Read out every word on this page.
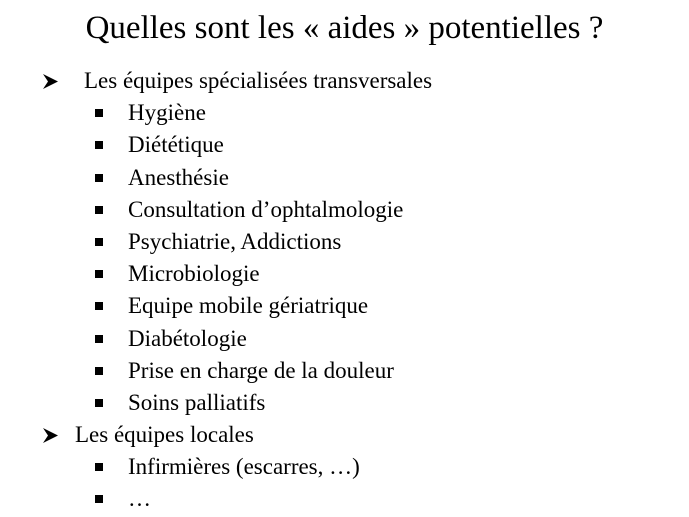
Quelles sont les « aides » potentielles ?
Les équipes spécialisées transversales
Hygiène
Diététique
Anesthésie
Consultation d’ophtalmologie
Psychiatrie, Addictions
Microbiologie
Equipe mobile gériatrique
Diabétologie
Prise en charge de la douleur
Soins palliatifs
Les équipes locales
Infirmières (escarres, …)
…
